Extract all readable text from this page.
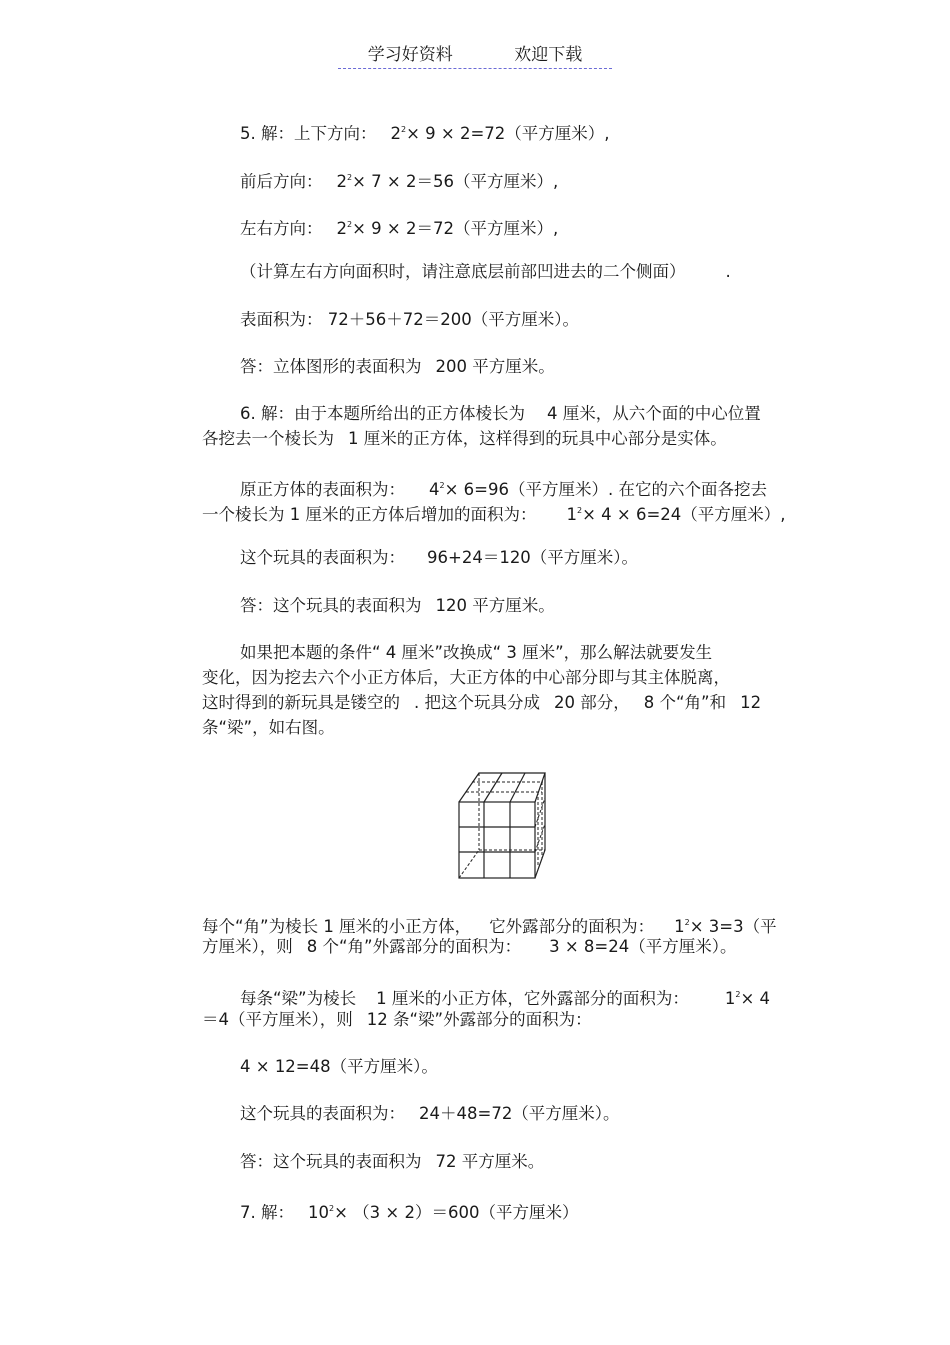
学习好资料	欢迎下载
5. 解：上下方向： $2^2\times 9 \times 2=72$（平方厘米）,
前后方向： $2^2\times 7 \times 2=56$（平方厘米）,
左右方向： $2^2\times 9 \times 2=72$（平方厘米）,
（计算左右方向面积时，请注意底层前部凹进去的二个侧面） .
表面积为： 72＋56＋72＝200（平方厘米）。
答：立体图形的表面积为 200 平方厘米。
6. 解：由于本题所给出的正方体棱长为 4 厘米，从六个面的中心位置
各挖去一个棱长为 1 厘米的正方体，这样得到的玩具中心部分是实体。
原正方体的表面积为： $4^2\times 6=96$（平方厘米）. 在它的六个面各挖去
一个棱长为 1 厘米的正方体后增加的面积为： $1^2\times 4 \times 6=24$（平方厘米）,
这个玩具的表面积为： 96+24＝120（平方厘米）。
答：这个玩具的表面积为 120 平方厘米。
如果把本题的条件“ 4 厘米”改换成“ 3 厘米”，那么解法就要发生
变化，因为挖去六个小正方体后，大正方体的中心部分即与其主体脱离，
这时得到的新玩具是镂空的 . 把这个玩具分成 20 部分， 8 个“角”和 12
条“梁”，如右图。
每个“角”为棱长 1 厘米的小正方体， 它外露部分的面积为： $1^2\times 3=3$（平
方厘米），则 8 个“角”外露部分的面积为： 3 × 8=24（平方厘米）。
每条“梁”为棱长 1 厘米的小正方体，它外露部分的面积为： $1^2\times 4$
＝4（平方厘米），则 12 条“梁”外露部分的面积为：
4 × 12=48（平方厘米）。
这个玩具的表面积为： 24＋48=72（平方厘米）。
答：这个玩具的表面积为 72 平方厘米。
7. 解： $10^2\times (3 \times 2)=600$（平方厘米）
